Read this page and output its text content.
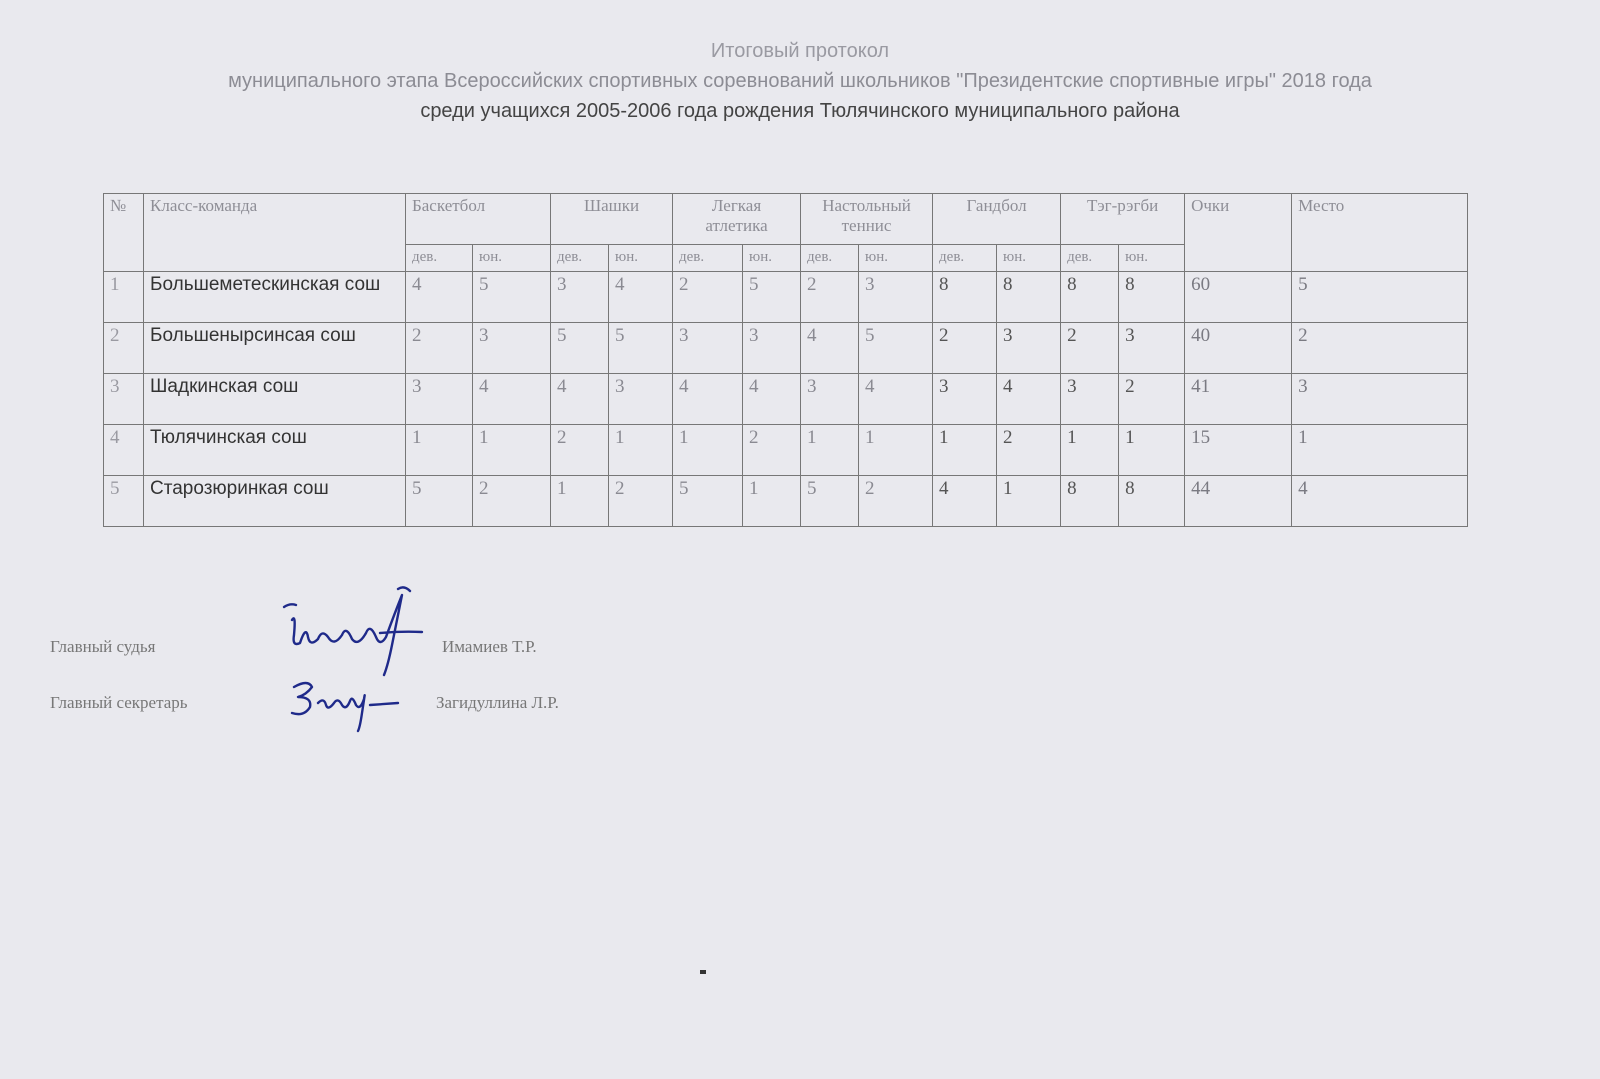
Итоговый протокол
муниципального этапа Всероссийских спортивных соревнований школьников "Президентские спортивные игры" 2018 года
среди учащихся 2005-2006 года рождения Тюлячинского муниципального района
№	Класс-команда	Баскетбол		Шашки		Легкая атлетика		Настольный теннис		Гандбол		Тэг-рэгби		Очки	Место
		дев.	юн.	дев.	юн.	дев.	юн.	дев.	юн.	дев.	юн.	дев.	юн.		
1	Большеметескинская сош	4	5	3	4	2	5	2	3	8	8	8	8	60	5
2	Большенырсинсая сош	2	3	5	5	3	3	4	5	2	3	2	3	40	2
3	Шадкинская сош	3	4	4	3	4	4	3	4	3	4	3	2	41	3
4	Тюлячинская сош	1	1	2	1	1	2	1	1	1	2	1	1	15	1
5	Старозюринкая сош	5	2	1	2	5	1	5	2	4	1	8	8	44	4
Главный судья	Имамиев Т.Р.
Главный секретарь	Загидуллина Л.Р.
